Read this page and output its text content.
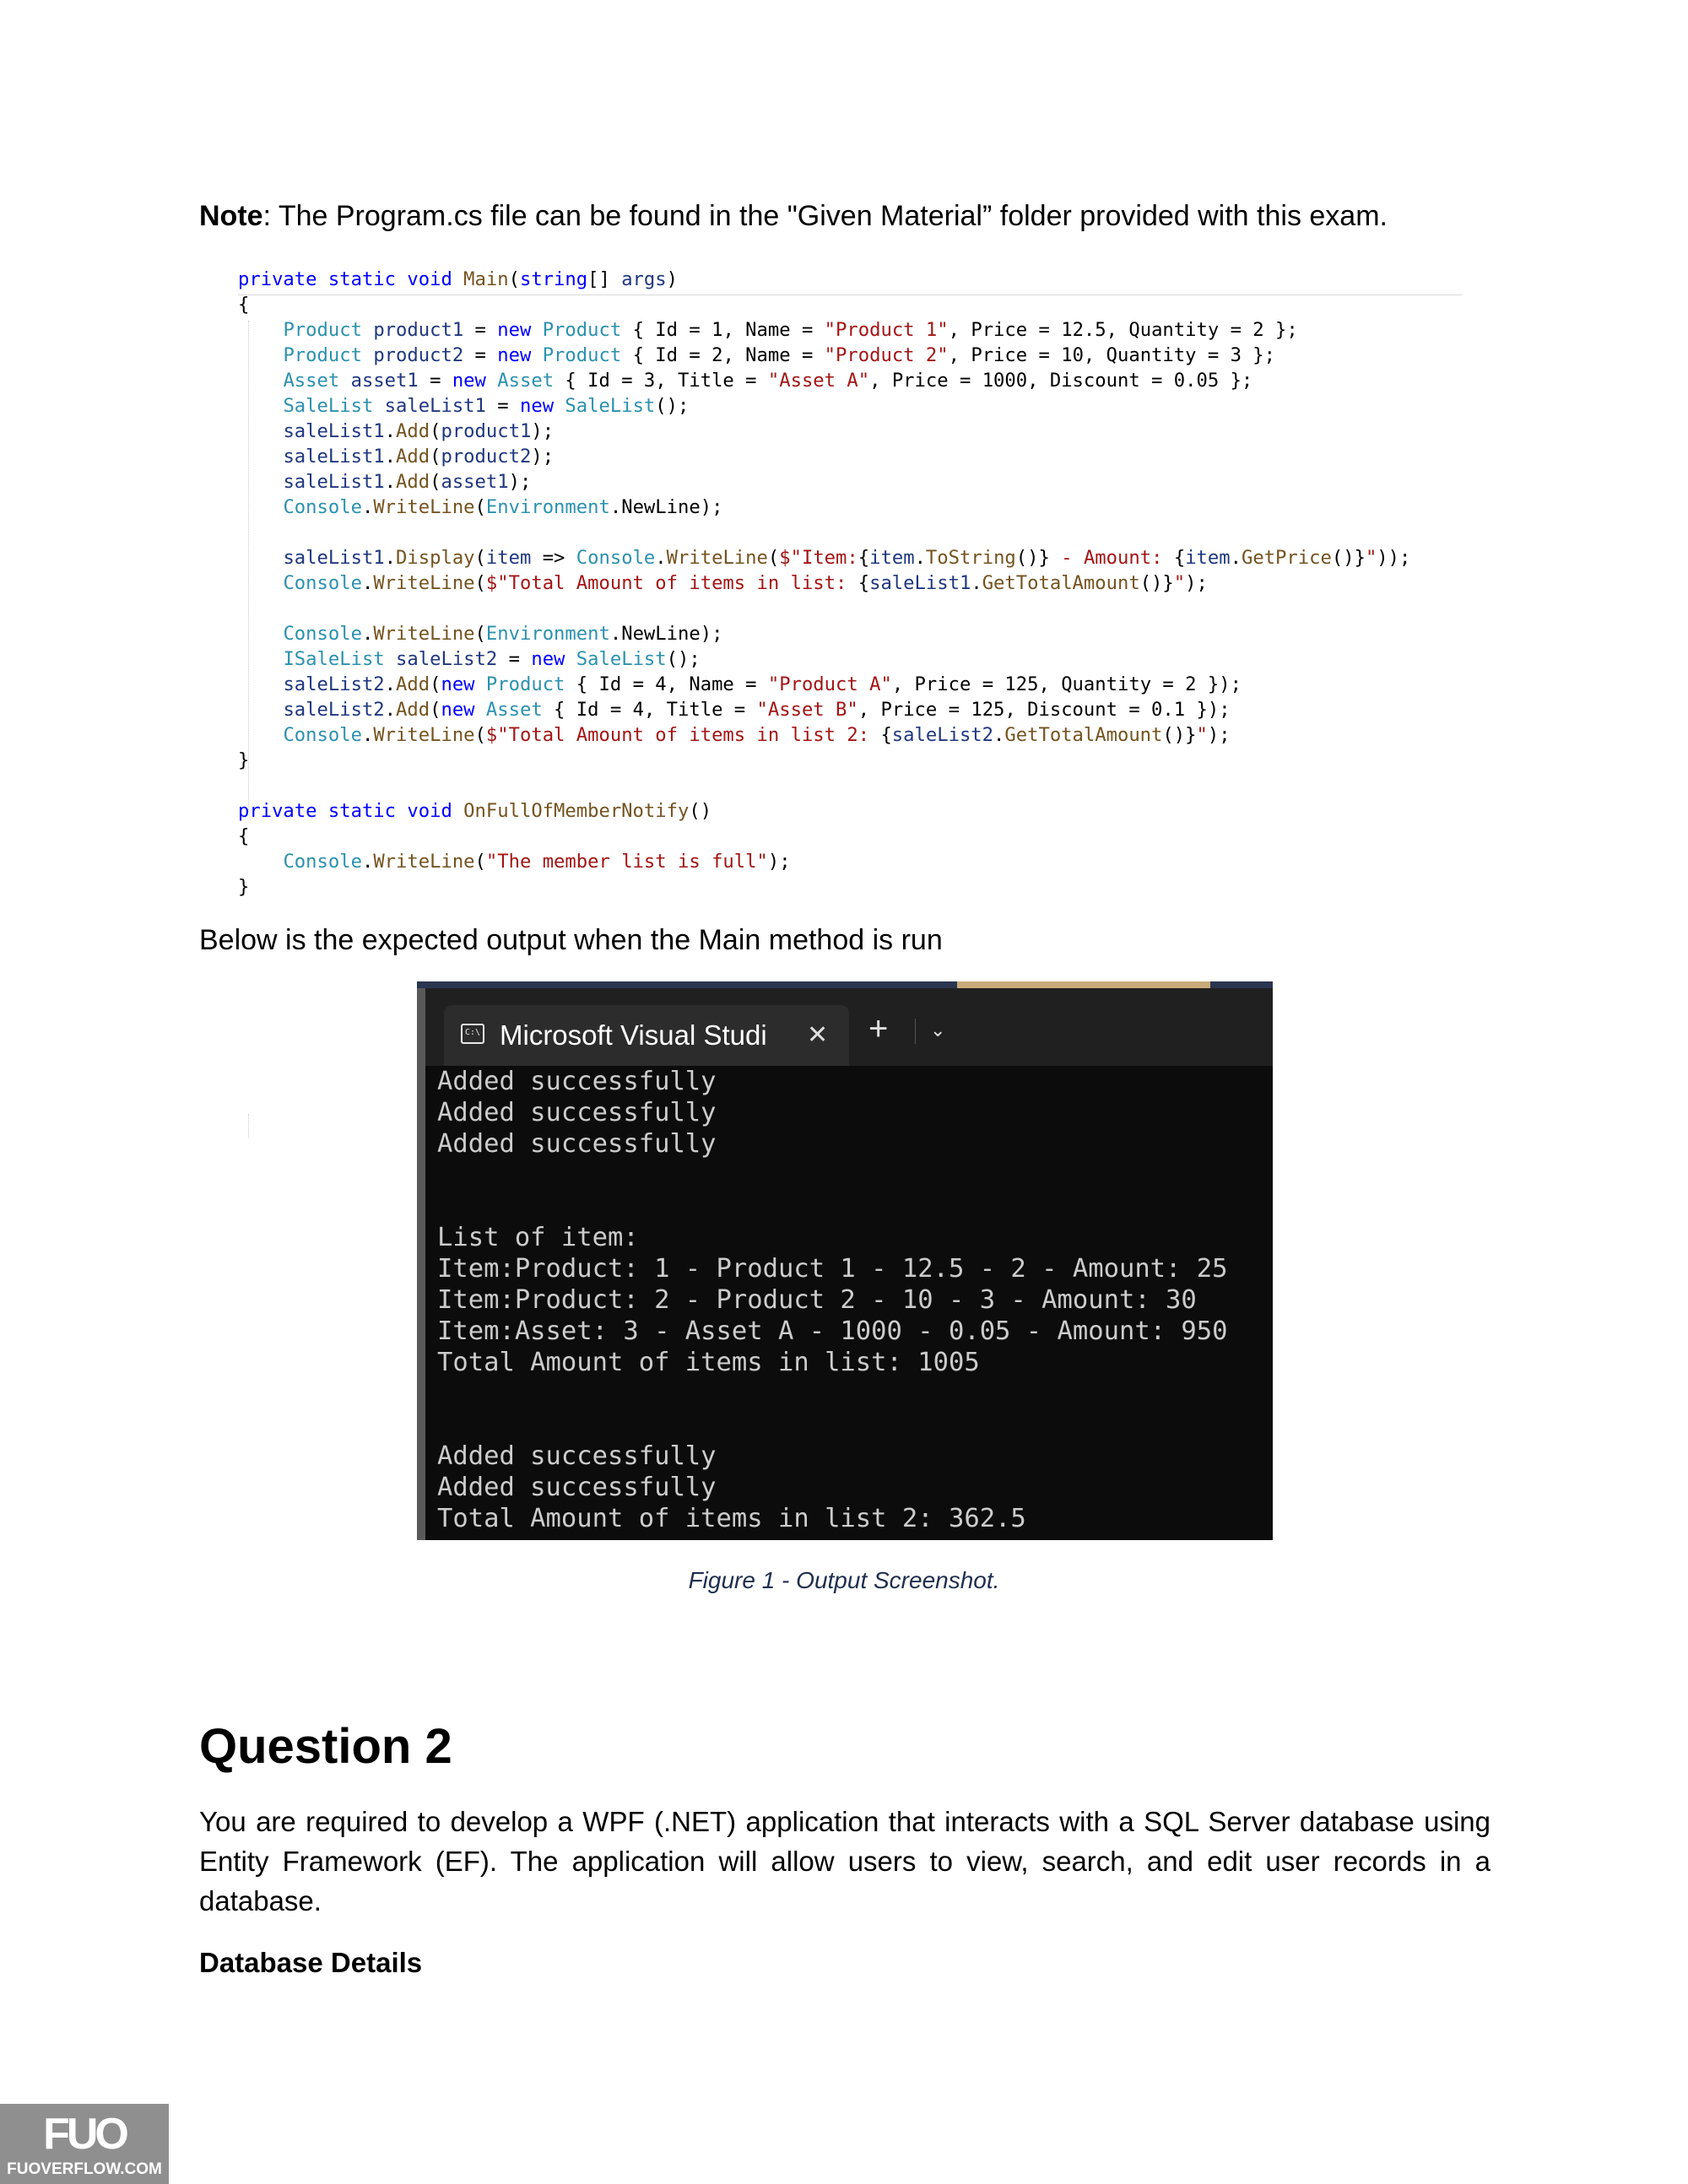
Note: The Program.cs file can be found in the "Given Material” folder provided with this exam.
private static void Main(string[] args)
{
Product product1 = new Product { Id = 1, Name = "Product 1", Price = 12.5, Quantity = 2 };
Product product2 = new Product { Id = 2, Name = "Product 2", Price = 10, Quantity = 3 };
Asset asset1 = new Asset { Id = 3, Title = "Asset A", Price = 1000, Discount = 0.05 };
SaleList saleList1 = new SaleList();
saleList1.Add(product1);
saleList1.Add(product2);
saleList1.Add(asset1);
Console.WriteLine(Environment.NewLine);
saleList1.Display(item => Console.WriteLine($"Item:{item.ToString()} - Amount: {item.GetPrice()}"));
Console.WriteLine($"Total Amount of items in list: {saleList1.GetTotalAmount()}");
Console.WriteLine(Environment.NewLine);
ISaleList saleList2 = new SaleList();
saleList2.Add(new Product { Id = 4, Name = "Product A", Price = 125, Quantity = 2 });
saleList2.Add(new Asset { Id = 4, Title = "Asset B", Price = 125, Discount = 0.1 });
Console.WriteLine($"Total Amount of items in list 2: {saleList2.GetTotalAmount()}");
}
private static void OnFullOfMemberNotify()
{
Console.WriteLine("The member list is full");
}
Below is the expected output when the Main method is run
C:\ Microsoft Visual Studi	✕ + ⌄
Added successfully
Added successfully
Added successfully

List of item:
Item:Product: 1 - Product 1 - 12.5 - 2 - Amount: 25
Item:Product: 2 - Product 2 - 10 - 3 - Amount: 30
Item:Asset: 3 - Asset A - 1000 - 0.05 - Amount: 950
Total Amount of items in list: 1005

Added successfully
Added successfully
Total Amount of items in list 2: 362.5
Figure 1 - Output Screenshot.
Question 2
You are required to develop a WPF (.NET) application that interacts with a SQL Server database using Entity Framework (EF). The application will allow users to view, search, and edit user records in a database.
Database Details
FUO
FUOVERFLOW.COM
